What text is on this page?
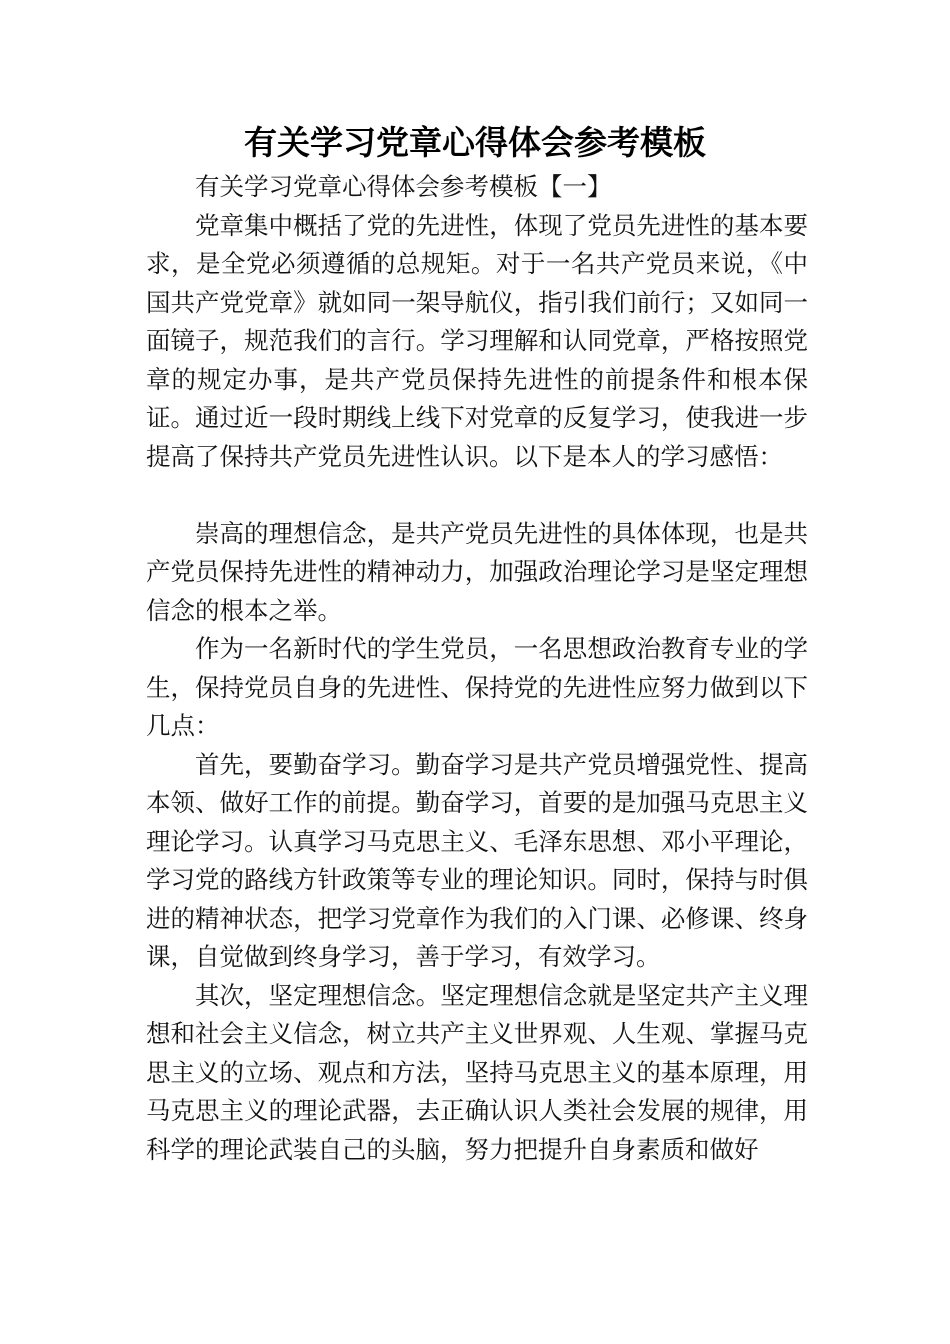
有关学习党章心得体会参考模板

有关学习党章心得体会参考模板【一】

党章集中概括了党的先进性，体现了党员先进性的基本要求，是全党必须遵循的总规矩。对于一名共产党员来说，《中国共产党党章》就如同一架导航仪，指引我们前行；又如同一面镜子，规范我们的言行。学习理解和认同党章，严格按照党章的规定办事，是共产党员保持先进性的前提条件和根本保证。通过近一段时期线上线下对党章的反复学习，使我进一步提高了保持共产党员先进性认识。以下是本人的学习感悟：

崇高的理想信念，是共产党员先进性的具体体现，也是共产党员保持先进性的精神动力，加强政治理论学习是坚定理想信念的根本之举。

作为一名新时代的学生党员，一名思想政治教育专业的学生，保持党员自身的先进性、保持党的先进性应努力做到以下几点：

首先，要勤奋学习。勤奋学习是共产党员增强党性、提高本领、做好工作的前提。勤奋学习，首要的是加强马克思主义理论学习。认真学习马克思主义、毛泽东思想、邓小平理论，学习党的路线方针政策等专业的理论知识。同时，保持与时俱进的精神状态，把学习党章作为我们的入门课、必修课、终身课，自觉做到终身学习，善于学习，有效学习。

其次，坚定理想信念。坚定理想信念就是坚定共产主义理想和社会主义信念，树立共产主义世界观、人生观、掌握马克思主义的立场、观点和方法，坚持马克思主义的基本原理，用马克思主义的理论武器，去正确认识人类社会发展的规律，用科学的理论武装自己的头脑，努力把提升自身素质和做好
